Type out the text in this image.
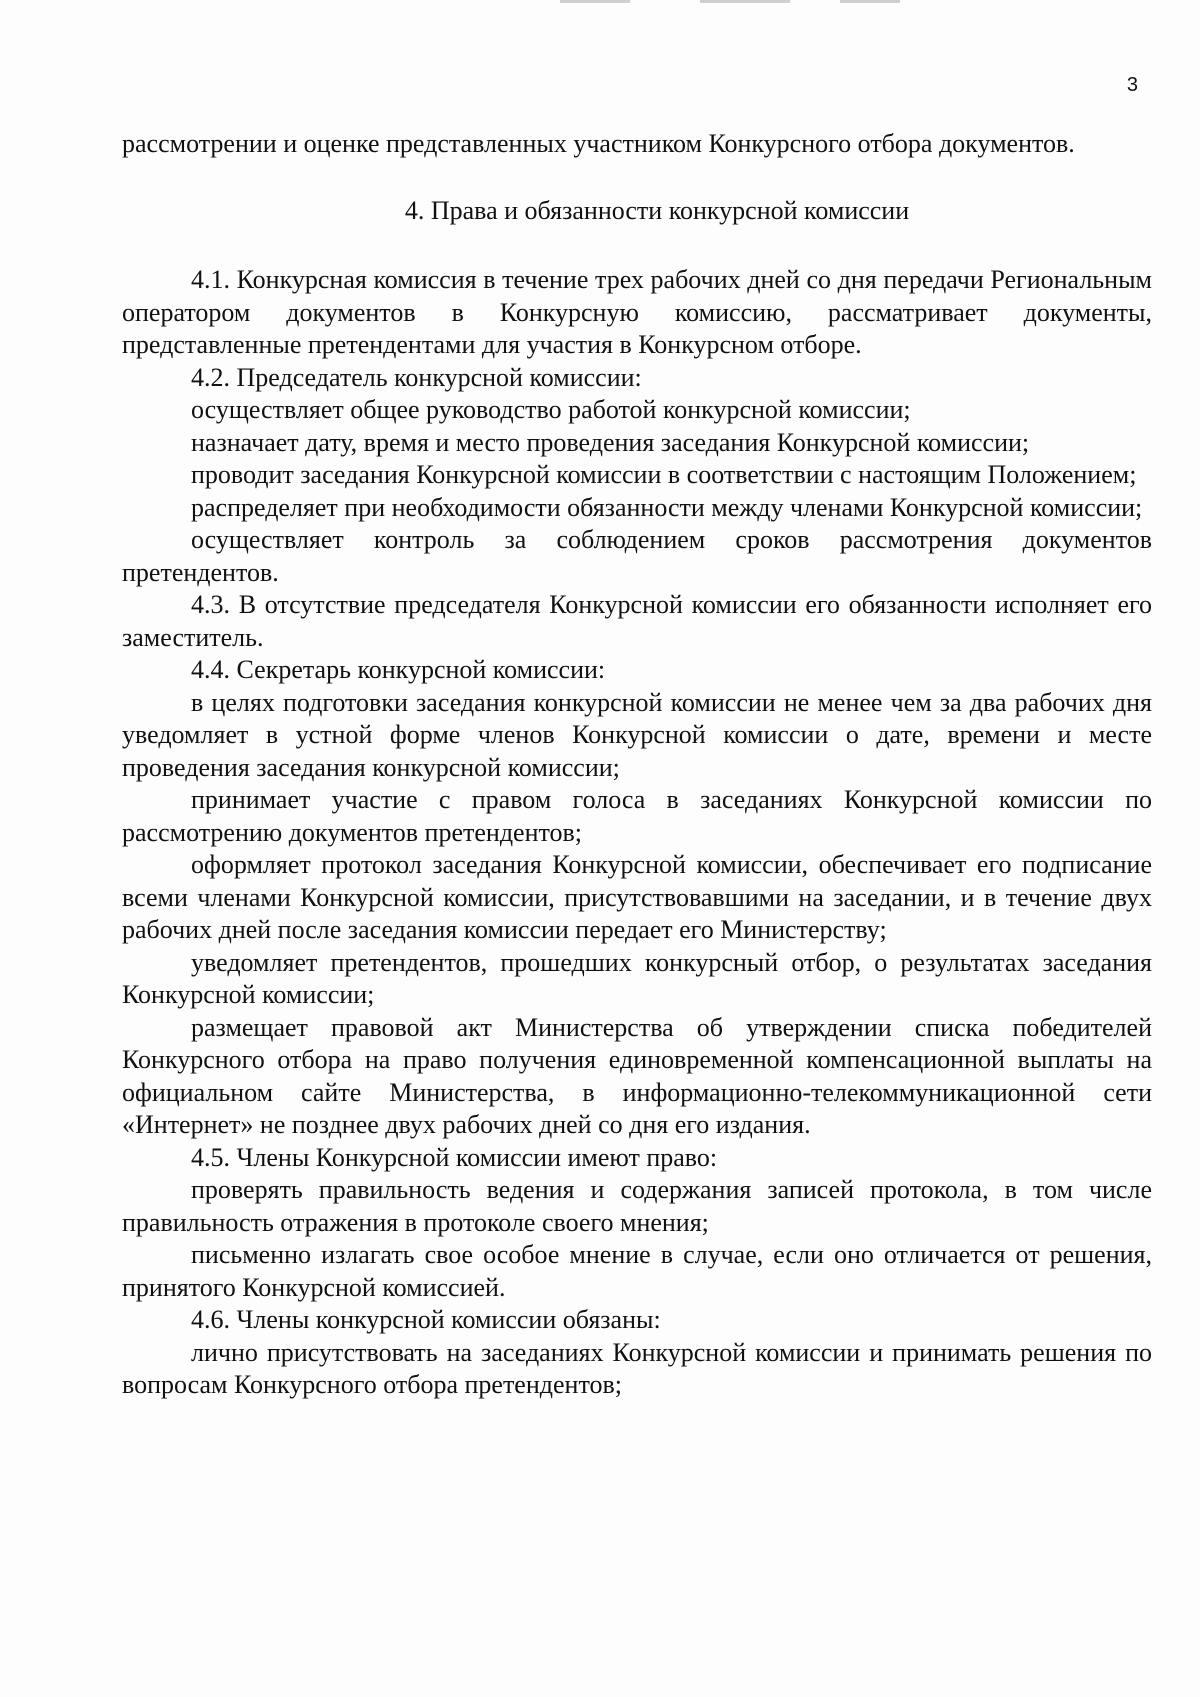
3

рассмотрении и оценке представленных участником Конкурсного отбора документов.

4. Права и обязанности конкурсной комиссии

4.1. Конкурсная комиссия в течение трех рабочих дней со дня передачи Региональным оператором документов в Конкурсную комиссию, рассматривает документы, представленные претендентами для участия в Конкурсном отборе.

4.2. Председатель конкурсной комиссии:

осуществляет общее руководство работой конкурсной комиссии;

назначает дату, время и место проведения заседания Конкурсной комиссии;

проводит заседания Конкурсной комиссии в соответствии с настоящим Положением;

распределяет при необходимости обязанности между членами Конкурсной комиссии;

осуществляет контроль за соблюдением сроков рассмотрения документов претендентов.

4.3. В отсутствие председателя Конкурсной комиссии его обязанности исполняет его заместитель.

4.4. Секретарь конкурсной комиссии:

в целях подготовки заседания конкурсной комиссии не менее чем за два рабочих дня уведомляет в устной форме членов Конкурсной комиссии о дате, времени и месте проведения заседания конкурсной комиссии;

принимает участие с правом голоса в заседаниях Конкурсной комиссии по рассмотрению документов претендентов;

оформляет протокол заседания Конкурсной комиссии, обеспечивает его подписание всеми членами Конкурсной комиссии, присутствовавшими на заседании, и в течение двух рабочих дней после заседания комиссии передает его Министерству;

уведомляет претендентов, прошедших конкурсный отбор, о результатах заседания Конкурсной комиссии;

размещает правовой акт Министерства об утверждении списка победителей Конкурсного отбора на право получения единовременной компенсационной выплаты на официальном сайте Министерства, в информационно-телекоммуникационной сети «Интернет» не позднее двух рабочих дней со дня его издания.

4.5. Члены Конкурсной комиссии имеют право:

проверять правильность ведения и содержания записей протокола, в том числе правильность отражения в протоколе своего мнения;

письменно излагать свое особое мнение в случае, если оно отличается от решения, принятого Конкурсной комиссией.

4.6. Члены конкурсной комиссии обязаны:

лично присутствовать на заседаниях Конкурсной комиссии и принимать решения по вопросам Конкурсного отбора претендентов;
